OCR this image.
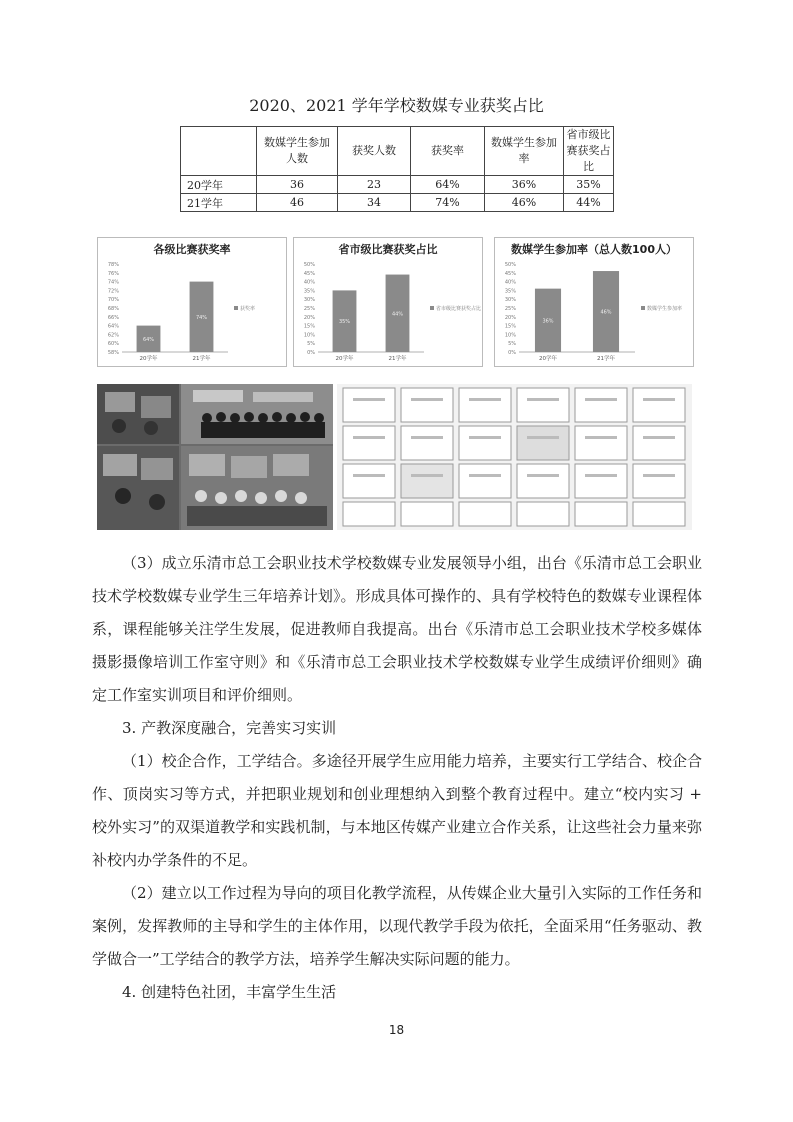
2020、2021 学年学校数媒专业获奖占比
	数媒学生参加人数	获奖人数	获奖率	数媒学生参加率	省市级比赛获奖占比
20学年	36	23	64%	36%	35%
21学年	46	34	74%	46%	44%
各级比赛获奖率
58%
60%
62%
64%
66%
68%
70%
72%
74%
76%
78%
64%
20学年
74%
21学年
获奖率
省市级比赛获奖占比
0%
5%
10%
15%
20%
25%
30%
35%
40%
45%
50%
35%
20学年
44%
21学年
省市级比赛获奖占比
数媒学生参加率（总人数100人）
0%
5%
10%
15%
20%
25%
30%
35%
40%
45%
50%
36%
20学年
46%
21学年
数媒学生参加率

（3）成立乐清市总工会职业技术学校数媒专业发展领导小组，出台《乐清市总工会职业技术学校数媒专业学生三年培养计划》。形成具体可操作的、具有学校特色的数媒专业课程体系，课程能够关注学生发展，促进教师自我提高。出台《乐清市总工会职业技术学校多媒体摄影摄像培训工作室守则》和《乐清市总工会职业技术学校数媒专业学生成绩评价细则》确定工作室实训项目和评价细则。

3. 产教深度融合，完善实习实训

（1）校企合作，工学结合。多途径开展学生应用能力培养，主要实行工学结合、校企合作、顶岗实习等方式，并把职业规划和创业理想纳入到整个教育过程中。建立“校内实习 + 校外实习”的双渠道教学和实践机制，与本地区传媒产业建立合作关系，让这些社会力量来弥补校内办学条件的不足。

（2）建立以工作过程为导向的项目化教学流程，从传媒企业大量引入实际的工作任务和案例，发挥教师的主导和学生的主体作用，以现代教学手段为依托，全面采用“任务驱动、教学做合一”工学结合的教学方法，培养学生解决实际问题的能力。

4. 创建特色社团，丰富学生生活

18
